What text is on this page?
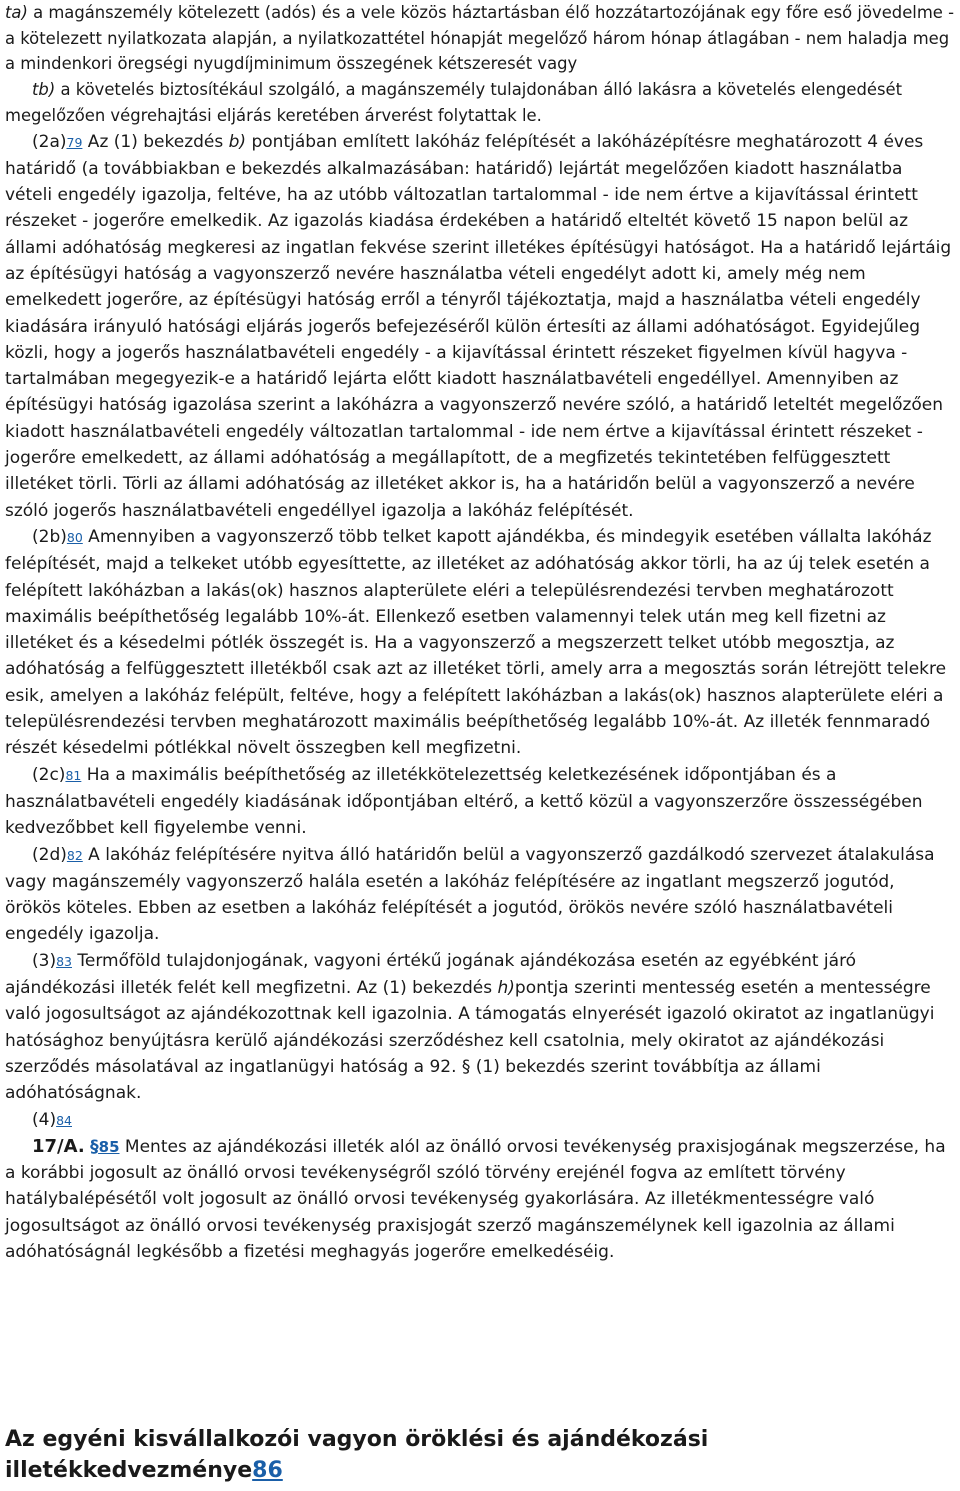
ta) a magánszemély kötelezett (adós) és a vele közös háztartásban élő hozzátartozójának egy főre eső jövedelme - a kötelezett nyilatkozata alapján, a nyilatkozattétel hónapját megelőző három hónap átlagában - nem haladja meg a mindenkori öregségi nyugdíjminimum összegének kétszeresét vagy

tb) a követelés biztosítékául szolgáló, a magánszemély tulajdonában álló lakásra a követelés elengedését megelőzően végrehajtási eljárás keretében árverést folytattak le.

(2a)79 Az (1) bekezdés b) pontjában említett lakóház felépítését a lakóházépítésre meghatározott 4 éves határidő (a továbbiakban e bekezdés alkalmazásában: határidő) lejártát megelőzően kiadott használatba vételi engedély igazolja, feltéve, ha az utóbb változatlan tartalommal - ide nem értve a kijavítással érintett részeket - jogerőre emelkedik. Az igazolás kiadása érdekében a határidő elteltét követő 15 napon belül az állami adóhatóság megkeresi az ingatlan fekvése szerint illetékes építésügyi hatóságot. Ha a határidő lejártáig az építésügyi hatóság a vagyonszerző nevére használatba vételi engedélyt adott ki, amely még nem emelkedett jogerőre, az építésügyi hatóság erről a tényről tájékoztatja, majd a használatba vételi engedély kiadására irányuló hatósági eljárás jogerős befejezéséről külön értesíti az állami adóhatóságot. Egyidejűleg közli, hogy a jogerős használatbavételi engedély - a kijavítással érintett részeket figyelmen kívül hagyva - tartalmában megegyezik-e a határidő lejárta előtt kiadott használatbavételi engedéllyel. Amennyiben az építésügyi hatóság igazolása szerint a lakóházra a vagyonszerző nevére szóló, a határidő leteltét megelőzően kiadott használatbavételi engedély változatlan tartalommal - ide nem értve a kijavítással érintett részeket - jogerőre emelkedett, az állami adóhatóság a megállapított, de a megfizetés tekintetében felfüggesztett illetéket törli. Törli az állami adóhatóság az illetéket akkor is, ha a határidőn belül a vagyonszerző a nevére szóló jogerős használatbavételi engedéllyel igazolja a lakóház felépítését.

(2b)80 Amennyiben a vagyonszerző több telket kapott ajándékba, és mindegyik esetében vállalta lakóház felépítését, majd a telkeket utóbb egyesíttette, az illetéket az adóhatóság akkor törli, ha az új telek esetén a felépített lakóházban a lakás(ok) hasznos alapterülete eléri a településrendezési tervben meghatározott maximális beépíthetőség legalább 10%-át. Ellenkező esetben valamennyi telek után meg kell fizetni az illetéket és a késedelmi pótlék összegét is. Ha a vagyonszerző a megszerzett telket utóbb megosztja, az adóhatóság a felfüggesztett illetékből csak azt az illetéket törli, amely arra a megosztás során létrejött telekre esik, amelyen a lakóház felépült, feltéve, hogy a felépített lakóházban a lakás(ok) hasznos alapterülete eléri a településrendezési tervben meghatározott maximális beépíthetőség legalább 10%-át. Az illeték fennmaradó részét késedelmi pótlékkal növelt összegben kell megfizetni.

(2c)81 Ha a maximális beépíthetőség az illetékkötelezettség keletkezésének időpontjában és a használatbavételi engedély kiadásának időpontjában eltérő, a kettő közül a vagyonszerzőre összességében kedvezőbbet kell figyelembe venni.

(2d)82 A lakóház felépítésére nyitva álló határidőn belül a vagyonszerző gazdálkodó szervezet átalakulása vagy magánszemély vagyonszerző halála esetén a lakóház felépítésére az ingatlant megszerző jogutód, örökös köteles. Ebben az esetben a lakóház felépítését a jogutód, örökös nevére szóló használatbavételi engedély igazolja.

(3)83 Termőföld tulajdonjogának, vagyoni értékű jogának ajándékozása esetén az egyébként járó ajándékozási illeték felét kell megfizetni. Az (1) bekezdés h)pontja szerinti mentesség esetén a mentességre való jogosultságot az ajándékozottnak kell igazolnia. A támogatás elnyerését igazoló okiratot az ingatlanügyi hatósághoz benyújtásra kerülő ajándékozási szerződéshez kell csatolnia, mely okiratot az ajándékozási szerződés másolatával az ingatlanügyi hatóság a 92. § (1) bekezdés szerint továbbítja az állami adóhatóságnak.

(4)84

17/A. §85 Mentes az ajándékozási illeték alól az önálló orvosi tevékenység praxisjogának megszerzése, ha a korábbi jogosult az önálló orvosi tevékenységről szóló törvény erejénél fogva az említett törvény hatálybalépésétől volt jogosult az önálló orvosi tevékenység gyakorlására. Az illetékmentességre való jogosultságot az önálló orvosi tevékenység praxisjogát szerző magánszemélynek kell igazolnia az állami adóhatóságnál legkésőbb a fizetési meghagyás jogerőre emelkedéséig.

Az egyéni kisvállalkozói vagyon öröklési és ajándékozási illetékkedvezménye86
